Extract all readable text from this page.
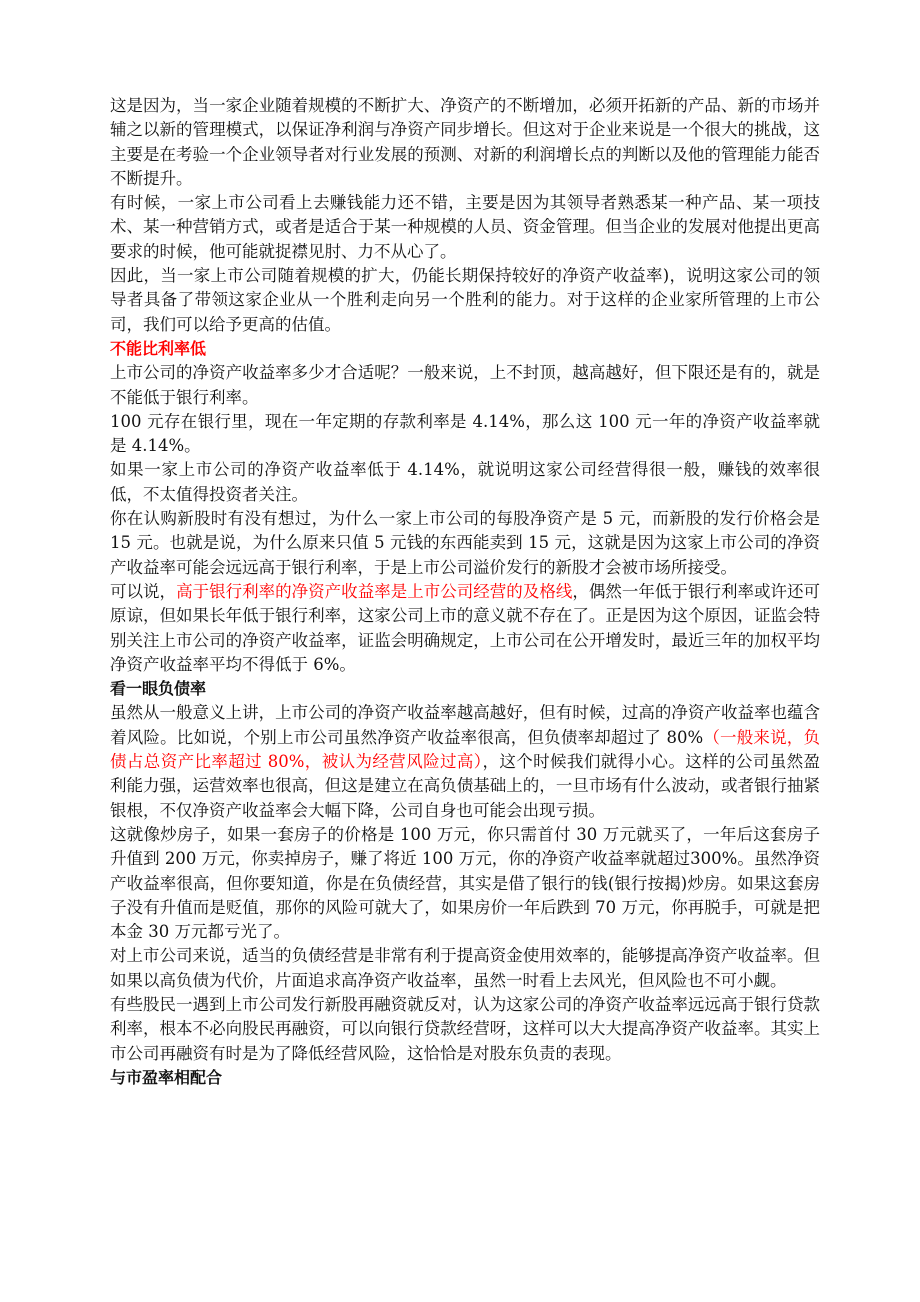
这是因为，当一家企业随着规模的不断扩大、净资产的不断增加，必须开拓新的产品、新的市场并辅之以新的管理模式，以保证净利润与净资产同步增长。但这对于企业来说是一个很大的挑战，这主要是在考验一个企业领导者对行业发展的预测、对新的利润增长点的判断以及他的管理能力能否不断提升。
有时候，一家上市公司看上去赚钱能力还不错，主要是因为其领导者熟悉某一种产品、某一项技术、某一种营销方式，或者是适合于某一种规模的人员、资金管理。但当企业的发展对他提出更高要求的时候，他可能就捉襟见肘、力不从心了。
因此，当一家上市公司随着规模的扩大，仍能长期保持较好的净资产收益率)，说明这家公司的领导者具备了带领这家企业从一个胜利走向另一个胜利的能力。对于这样的企业家所管理的上市公司，我们可以给予更高的估值。
不能比利率低
上市公司的净资产收益率多少才合适呢？一般来说，上不封顶，越高越好，但下限还是有的，就是不能低于银行利率。
100 元存在银行里，现在一年定期的存款利率是 4.14%，那么这 100 元一年的净资产收益率就是 4.14%。
如果一家上市公司的净资产收益率低于 4.14%，就说明这家公司经营得很一般，赚钱的效率很低，不太值得投资者关注。
你在认购新股时有没有想过，为什么一家上市公司的每股净资产是 5 元，而新股的发行价格会是 15 元。也就是说，为什么原来只值 5 元钱的东西能卖到 15 元，这就是因为这家上市公司的净资产收益率可能会远远高于银行利率，于是上市公司溢价发行的新股才会被市场所接受。
可以说，高于银行利率的净资产收益率是上市公司经营的及格线，偶然一年低于银行利率或许还可原谅，但如果长年低于银行利率，这家公司上市的意义就不存在了。正是因为这个原因，证监会特别关注上市公司的净资产收益率，证监会明确规定，上市公司在公开增发时，最近三年的加权平均净资产收益率平均不得低于 6%。
看一眼负债率
虽然从一般意义上讲，上市公司的净资产收益率越高越好，但有时候，过高的净资产收益率也蕴含着风险。比如说，个别上市公司虽然净资产收益率很高，但负债率却超过了 80%（一般来说，负债占总资产比率超过 80%，被认为经营风险过高），这个时候我们就得小心。这样的公司虽然盈利能力强，运营效率也很高，但这是建立在高负债基础上的，一旦市场有什么波动，或者银行抽紧银根，不仅净资产收益率会大幅下降，公司自身也可能会出现亏损。
这就像炒房子，如果一套房子的价格是 100 万元，你只需首付 30 万元就买了，一年后这套房子升值到 200 万元，你卖掉房子，赚了将近 100 万元，你的净资产收益率就超过300%。虽然净资产收益率很高，但你要知道，你是在负债经营，其实是借了银行的钱(银行按揭)炒房。如果这套房子没有升值而是贬值，那你的风险可就大了，如果房价一年后跌到 70 万元，你再脱手，可就是把本金 30 万元都亏光了。
对上市公司来说，适当的负债经营是非常有利于提高资金使用效率的，能够提高净资产收益率。但如果以高负债为代价，片面追求高净资产收益率，虽然一时看上去风光，但风险也不可小觑。
有些股民一遇到上市公司发行新股再融资就反对，认为这家公司的净资产收益率远远高于银行贷款利率，根本不必向股民再融资，可以向银行贷款经营呀，这样可以大大提高净资产收益率。其实上市公司再融资有时是为了降低经营风险，这恰恰是对股东负责的表现。
与市盈率相配合
